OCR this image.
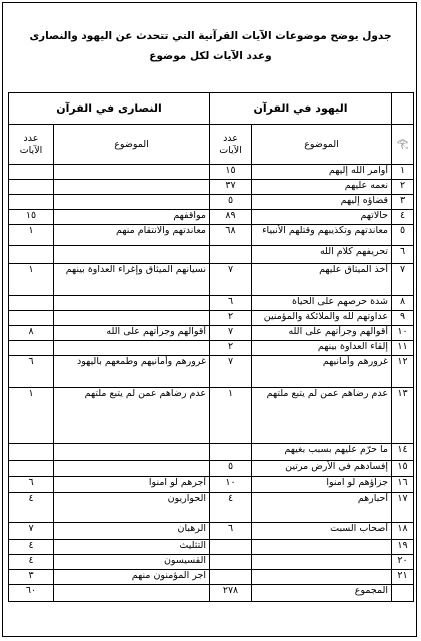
جدول يوضح موضوعات الآيات القرآنية التي تتحدث عن اليهود والنصارى
وعدد الآيات لكل موضوع
	اليهود في القرآن		النصارى في القرآن	
𓂀	الموضوع	عدد الآيات	الموضوع	عدد الآيات
١	أوامر الله إليهم	١٥		
٢	نعمه عليهم	٣٧		
٣	قضاؤه إليهم	٥		
٤	حالاتهم	٨٩	مواقفهم	١٥
٥	معاندتهم وتكذيبهم وقتلهم الأنبياء	٦٨	معاندتهم والانتقام منهم	١
٦	تحريفهم كلام الله			
٧	أخذ الميثاق عليهم	٧	نسيانهم الميثاق وإغراء العداوة بينهم	١
٨	شدة حرصهم على الحياة	٦		
٩	عداوتهم لله والملائكة والمؤمنين	٢		
١٠	أقوالهم وجرأتهم على الله	٧	أقوالهم وجرأتهم على الله	٨
١١	إلقاء العداوة بينهم	٢		
١٢	غرورهم وأمانيهم	٧	غرورهم وأمانيهم وطمعهم باليهود	٦
١٣	عدم رضاهم عمن لم يتبع ملتهم	١	عدم رضاهم عمن لم يتبع ملتهم	١
١٤	ما حرّم عليهم بسبب بغيهم			
١٥	إفسادهم في الأرض مرتين	٥		
١٦	جزاؤهم لو آمنوا	١٠	أجرهم لو آمنوا	٦
١٧	أحبارهم	٤	الحواريون	٤
١٨	أصحاب السبت	٦	الرهبان	٧
١٩			التثليث	٤
٢٠			القسيسون	٤
٢١			اجر المؤمنون منهم	٣
	المجموع	٢٧٨		٦٠
